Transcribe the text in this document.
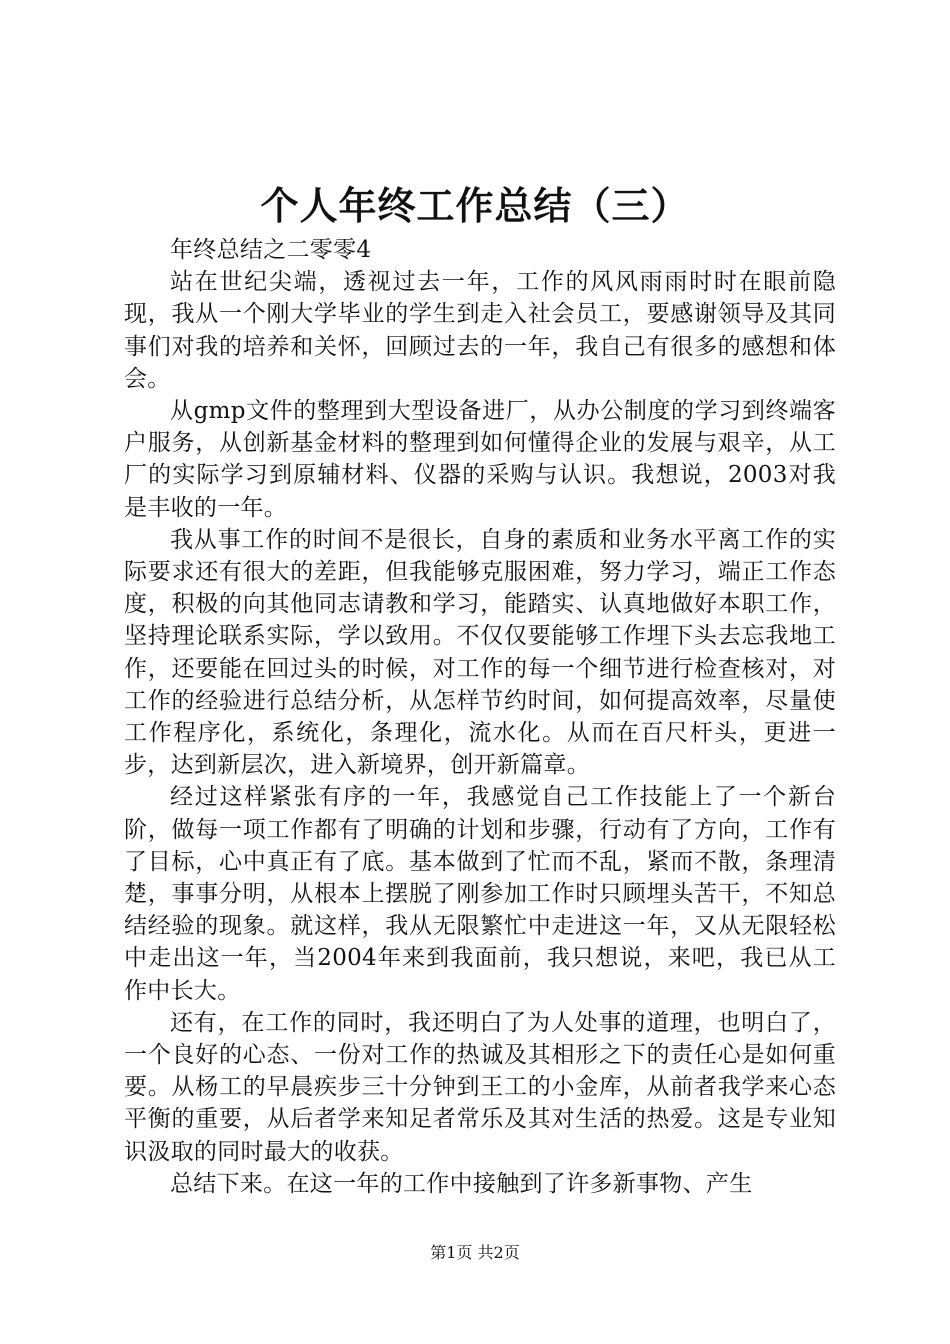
个人年终工作总结（三）

年终总结之二零零4

站在世纪尖端，透视过去一年，工作的风风雨雨时时在眼前隐现，我从一个刚大学毕业的学生到走入社会员工，要感谢领导及其同事们对我的培养和关怀，回顾过去的一年，我自己有很多的感想和体会。

从gmp文件的整理到大型设备进厂，从办公制度的学习到终端客户服务，从创新基金材料的整理到如何懂得企业的发展与艰辛，从工厂的实际学习到原辅材料、仪器的采购与认识。我想说，2003对我是丰收的一年。

我从事工作的时间不是很长，自身的素质和业务水平离工作的实际要求还有很大的差距，但我能够克服困难，努力学习，端正工作态度，积极的向其他同志请教和学习，能踏实、认真地做好本职工作，坚持理论联系实际，学以致用。不仅仅要能够工作埋下头去忘我地工作，还要能在回过头的时候，对工作的每一个细节进行检查核对，对工作的经验进行总结分析，从怎样节约时间，如何提高效率，尽量使工作程序化，系统化，条理化，流水化。从而在百尺杆头，更进一步，达到新层次，进入新境界，创开新篇章。

经过这样紧张有序的一年，我感觉自己工作技能上了一个新台阶，做每一项工作都有了明确的计划和步骤，行动有了方向，工作有了目标，心中真正有了底。基本做到了忙而不乱，紧而不散，条理清楚，事事分明，从根本上摆脱了刚参加工作时只顾埋头苦干，不知总结经验的现象。就这样，我从无限繁忙中走进这一年，又从无限轻松中走出这一年，当2004年来到我面前，我只想说，来吧，我已从工作中长大。

还有，在工作的同时，我还明白了为人处事的道理，也明白了，一个良好的心态、一份对工作的热诚及其相形之下的责任心是如何重要。从杨工的早晨疾步三十分钟到王工的小金库，从前者我学来心态平衡的重要，从后者学来知足者常乐及其对生活的热爱。这是专业知识汲取的同时最大的收获。

总结下来。在这一年的工作中接触到了许多新事物、产生

第1页 共2页
